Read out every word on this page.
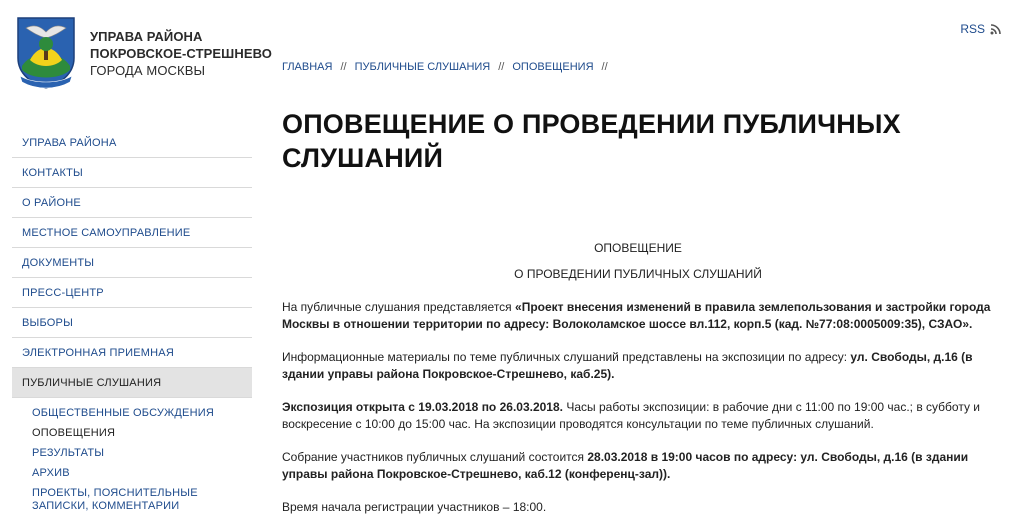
УПРАВА РАЙОНА
ПОКРОВСКОЕ-СТРЕШНЕВО
ГОРОДА МОСКВЫ
RSS
ГЛАВНАЯ // ПУБЛИЧНЫЕ СЛУШАНИЯ // ОПОВЕЩЕНИЯ //
ОПОВЕЩЕНИЕ О ПРОВЕДЕНИИ ПУБЛИЧНЫХ СЛУШАНИЙ
УПРАВА РАЙОНА
КОНТАКТЫ
О РАЙОНЕ
МЕСТНОЕ САМОУПРАВЛЕНИЕ
ДОКУМЕНТЫ
ПРЕСС-ЦЕНТР
ВЫБОРЫ
ЭЛЕКТРОННАЯ ПРИЕМНАЯ
ПУБЛИЧНЫЕ СЛУШАНИЯ
ОБЩЕСТВЕННЫЕ ОБСУЖДЕНИЯ
ОПОВЕЩЕНИЯ
РЕЗУЛЬТАТЫ
АРХИВ
ПРОЕКТЫ, ПОЯСНИТЕЛЬНЫЕ ЗАПИСКИ, КОММЕНТАРИИ
ОПОВЕЩЕНИЕ
О ПРОВЕДЕНИИ ПУБЛИЧНЫХ СЛУШАНИЙ

На публичные слушания представляется «Проект внесения изменений в правила землепользования и застройки города Москвы в отношении территории по адресу: Волоколамское шоссе вл.112, корп.5 (кад. №77:08:0005009:35), СЗАО».

Информационные материалы по теме публичных слушаний представлены на экспозиции по адресу: ул. Свободы, д.16 (в здании управы района Покровское-Стрешнево, каб.25).

Экспозиция открыта с 19.03.2018 по 26.03.2018. Часы работы экспозиции: в рабочие дни с 11:00 по 19:00 час.; в субботу и воскресение с 10:00 до 15:00 час. На экспозиции проводятся консультации по теме публичных слушаний.

Собрание участников публичных слушаний состоится 28.03.2018 в 19:00 часов по адресу: ул. Свободы, д.16 (в здании управы района Покровское-Стрешнево, каб.12 (конференц-зал)).

Время начала регистрации участников – 18:00.
